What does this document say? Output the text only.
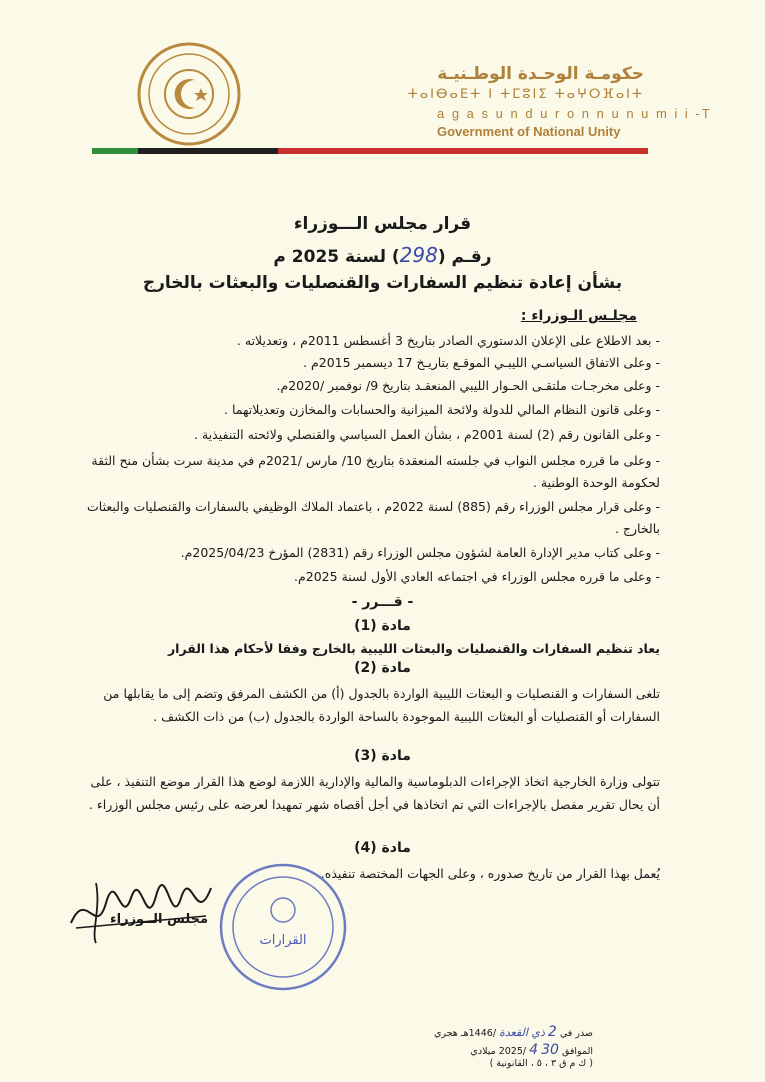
حكومـة الوحـدة الوطـنيـة
ⵜⴰⵏⴱⴰⴹⵜ ⵏ ⵜⵎⵓⵏⵉ ⵜⴰⵖⵔⴼⴰⵏⵜ
a g a s u n d u r o n n u n u m i i -T
Government of National Unity
قرار مجلس الـــوزراء
رقـم (298) لسنة 2025 م
بشأن إعادة تنظيم السفارات والقنصليات والبعثات بالخارج
مجلـس الـوزراء :
- بعد الاطلاع على الإعلان الدستوري الصادر بتاريخ 3 أغسطس 2011م ، وتعديلاته .
- وعلى الاتفاق السياسـي الليبـي الموقـع بتاريـخ 17 ديسمبر 2015م .
- وعلى مخرجـات ملتقـى الحـوار الليبي المنعقـد بتاريخ 9/ نوفمبر /2020م.
- وعلى قانون النظام المالي للدولة ولائحة الميزانية والحسابات والمخازن وتعديلاتهما .
- وعلى القانون رقم (2) لسنة 2001م ، بشأن العمل السياسي والقنصلي ولائحته التنفيذية .
- وعلى ما قرره مجلس النواب في جلسته المنعقدة بتاريخ 10/ مارس /2021م في مدينة سرت بشأن منح الثقة لحكومة الوحدة الوطنية .
- وعلى قرار مجلس الوزراء رقم (885) لسنة 2022م ، باعتماد الملاك الوظيفي بالسفارات والقنصليات والبعثات بالخارج .
- وعلى كتاب مدير الإدارة العامة لشؤون مجلس الوزراء رقم (2831) المؤرخ 2025/04/23م.
- وعلى ما قرره مجلس الوزراء في اجتماعه العادي الأول لسنة 2025م.
- قـــرر -
مادة (1)
يعاد تنظيم السفارات والقنصليات والبعثات الليبية بالخارج وفقا لأحكام هذا القرار
مادة (2)
تلغى السفارات و القنصليات و البعثات الليبية الواردة بالجدول (أ) من الكشف المرفق وتضم إلى ما يقابلها من السفارات أو القنصليات أو البعثات الليبية الموجودة بالساحة الواردة بالجدول (ب) من ذات الكشف .
مادة (3)
تتولى وزارة الخارجية اتخاذ الإجراءات الدبلوماسية والمالية والإدارية اللازمة لوضع هذا القرار موضع التنفيذ ، على أن يحال تقرير مفصل بالإجراءات التي تم اتخاذها في أجل أقصاه شهر تمهيدا لعرضه على رئيس مجلس الوزراء .
مادة (4)
يُعمل بهذا القرار من تاريخ صدوره ، وعلى الجهات المختصة تنفيذه.
مجلس الــوزراء
القرارات
صدر في 2 ذي القعدة /1446هـ هجري
الموافق 30 4 /2025 ميلادي
( ك م ق ٣ ، ٥ ، القانونية )
